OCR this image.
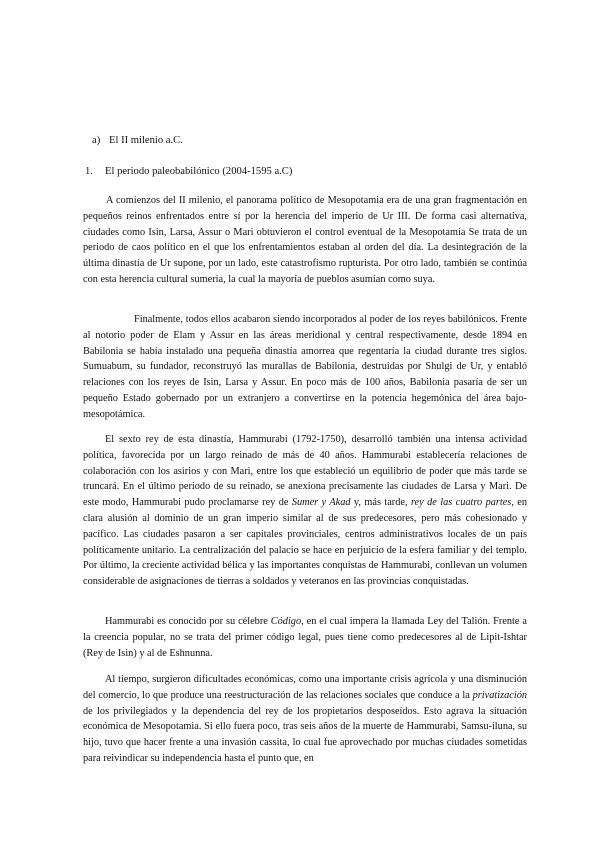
a) El II milenio a.C.
1. El periodo paleobabilónico (2004-1595 a.C)

A comienzos del II milenio, el panorama político de Mesopotamia era de una gran fragmentación en pequeños reinos enfrentados entre sí por la herencia del imperio de Ur III. De forma casi alternativa, ciudades como Isin, Larsa, Assur o Mari obtuvieron el control eventual de la Mesopotamia Se trata de un periodo de caos político en el que los enfrentamientos estaban al orden del día. La desintegración de la última dinastía de Ur supone, por un lado, este catastrofismo rupturista. Por otro lado, también se continúa con esta herencia cultural sumeria, la cual la mayoría de pueblos asumían como suya.

Finalmente, todos ellos acabaron siendo incorporados al poder de los reyes babilónicos. Frente al notorio poder de Elam y Assur en las áreas meridional y central respectivamente, desde 1894 en Babilonia se había instalado una pequeña dinastía amorrea que regentaría la ciudad durante tres siglos. Sumuabum, su fundador, reconstruyó las murallas de Babilonia, destruidas por Shulgi de Ur, y entabló relaciones con los reyes de Isin, Larsa y Assur. En poco más de 100 años, Babilonia pasaría de ser un pequeño Estado gobernado por un extranjero a convertirse en la potencia hegemónica del área bajo-mesopotámica.

El sexto rey de esta dinastía, Hammurabi (1792-1750), desarrolló también una intensa actividad política, favorecida por un largo reinado de más de 40 años. Hammurabi establecería relaciones de colaboración con los asirios y con Mari, entre los que estableció un equilibrio de poder que más tarde se truncará. En el último periodo de su reinado, se anexiona precisamente las ciudades de Larsa y Mari. De este modo, Hammurabi pudo proclamarse rey de Sumer y Akad y, más tarde, rey de las cuatro partes, en clara alusión al dominio de un gran imperio similar al de sus predecesores, pero más cohesionado y pacífico. Las ciudades pasaron a ser capitales provinciales, centros administrativos locales de un país políticamente unitario. La centralización del palacio se hace en perjuicio de la esfera familiar y del templo. Por último, la creciente actividad bélica y las importantes conquistas de Hammurabi, conllevan un volumen considerable de asignaciones de tierras a soldados y veteranos en las provincias conquistadas.

Hammurabi es conocido por su célebre Código, en el cual impera la llamada Ley del Talión. Frente a la creencia popular, no se trata del primer código legal, pues tiene como predecesores al de Lipit-Ishtar (Rey de Isin) y al de Eshnunna.

Al tiempo, surgieron dificultades económicas, como una importante crisis agrícola y una disminución del comercio, lo que produce una reestructuración de las relaciones sociales que conduce a la privatización de los privilegiados y la dependencia del rey de los propietarios desposeídos. Esto agrava la situación económica de Mesopotamia. Si ello fuera poco, tras seis años de la muerte de Hammurabi, Samsu-iluna, su hijo, tuvo que hacer frente a una invasión cassita, lo cual fue aprovechado por muchas ciudades sometidas para reivindicar su independencia hasta el punto que, en
